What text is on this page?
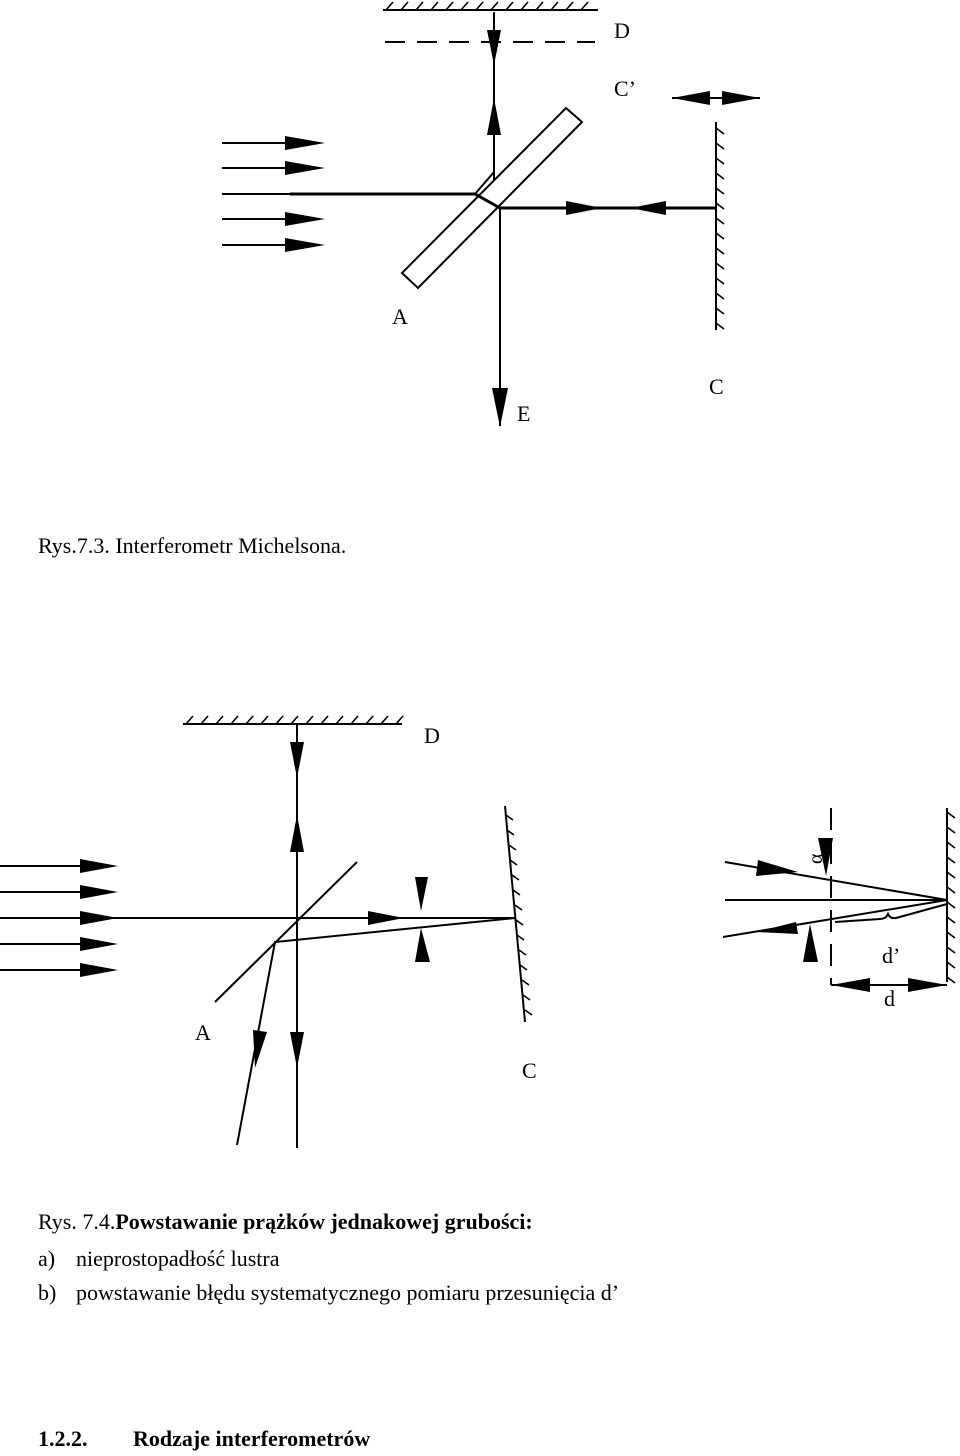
D
C’
A
E
C
Rys.7.3. Interferometr Michelsona.
α
α
D
A
C
d’
d
Rys. 7.4.Powstawanie prążków jednakowej grubości:
a) nieprostopadłość lustra
b) powstawanie błędu systematycznego pomiaru przesunięcia d’
1.2.2. Rodzaje interferometrów
